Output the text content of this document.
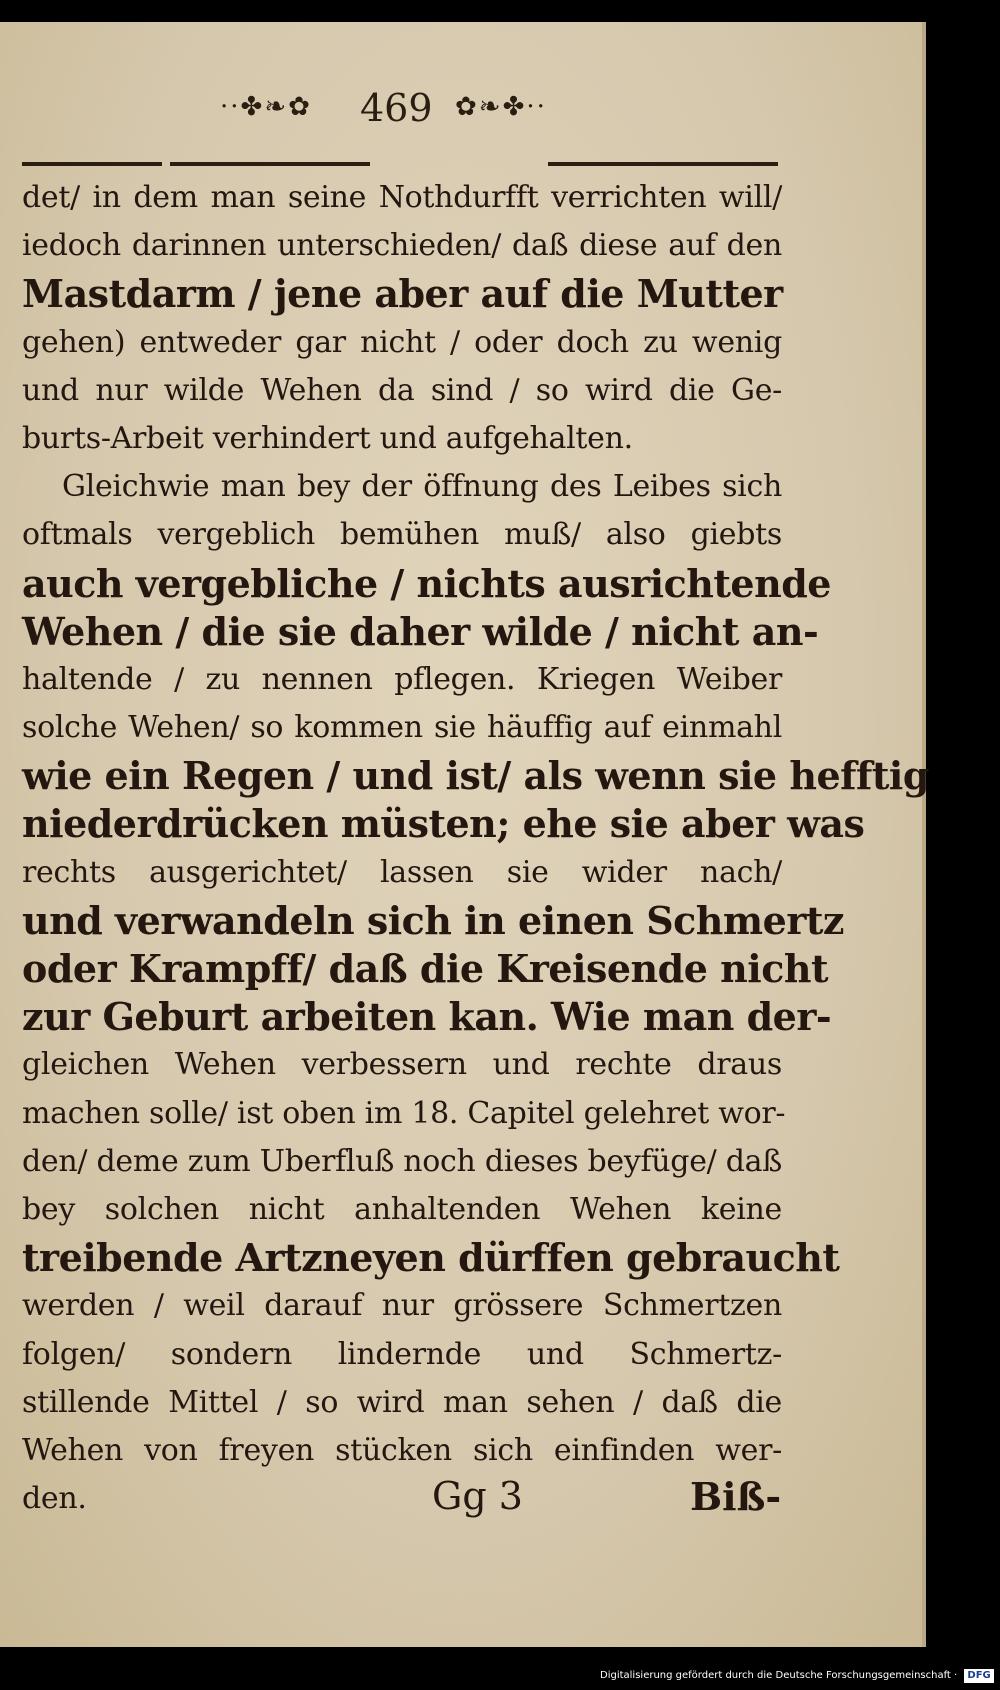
··✤❧✿ 469 ✿❧✤··
det/ in dem man seine Nothdurfft verrichten will/
iedoch darinnen unterschieden/ daß diese auf den
Mastdarm / jene aber auf die Mutter
gehen) entweder gar nicht / oder doch zu wenig
und nur wilde Wehen da sind / so wird die Ge-
burts-Arbeit verhindert und aufgehalten.
Gleichwie man bey der öffnung des Leibes sich
oftmals vergeblich bemühen muß/ also giebts
auch vergebliche / nichts ausrichtende
Wehen / die sie daher wilde / nicht an-
haltende / zu nennen pflegen. Kriegen Weiber
solche Wehen/ so kommen sie häuffig auf einmahl
wie ein Regen / und ist/ als wenn sie hefftig
niederdrücken müsten; ehe sie aber was
rechts ausgerichtet/ lassen sie wider nach/
und verwandeln sich in einen Schmertz
oder Krampff/ daß die Kreisende nicht
zur Geburt arbeiten kan. Wie man der-
gleichen Wehen verbessern und rechte draus
machen solle/ ist oben im 18. Capitel gelehret wor-
den/ deme zum Uberfluß noch dieses beyfüge/ daß
bey solchen nicht anhaltenden Wehen keine
treibende Artzneyen dürffen gebraucht
werden / weil darauf nur grössere Schmertzen
folgen/ sondern lindernde und Schmertz-
stillende Mittel / so wird man sehen / daß die
Wehen von freyen stücken sich einfinden wer-
den.	Gg 3	Biß-
Digitalisierung gefördert durch die Deutsche Forschungsgemeinschaft · DFG
